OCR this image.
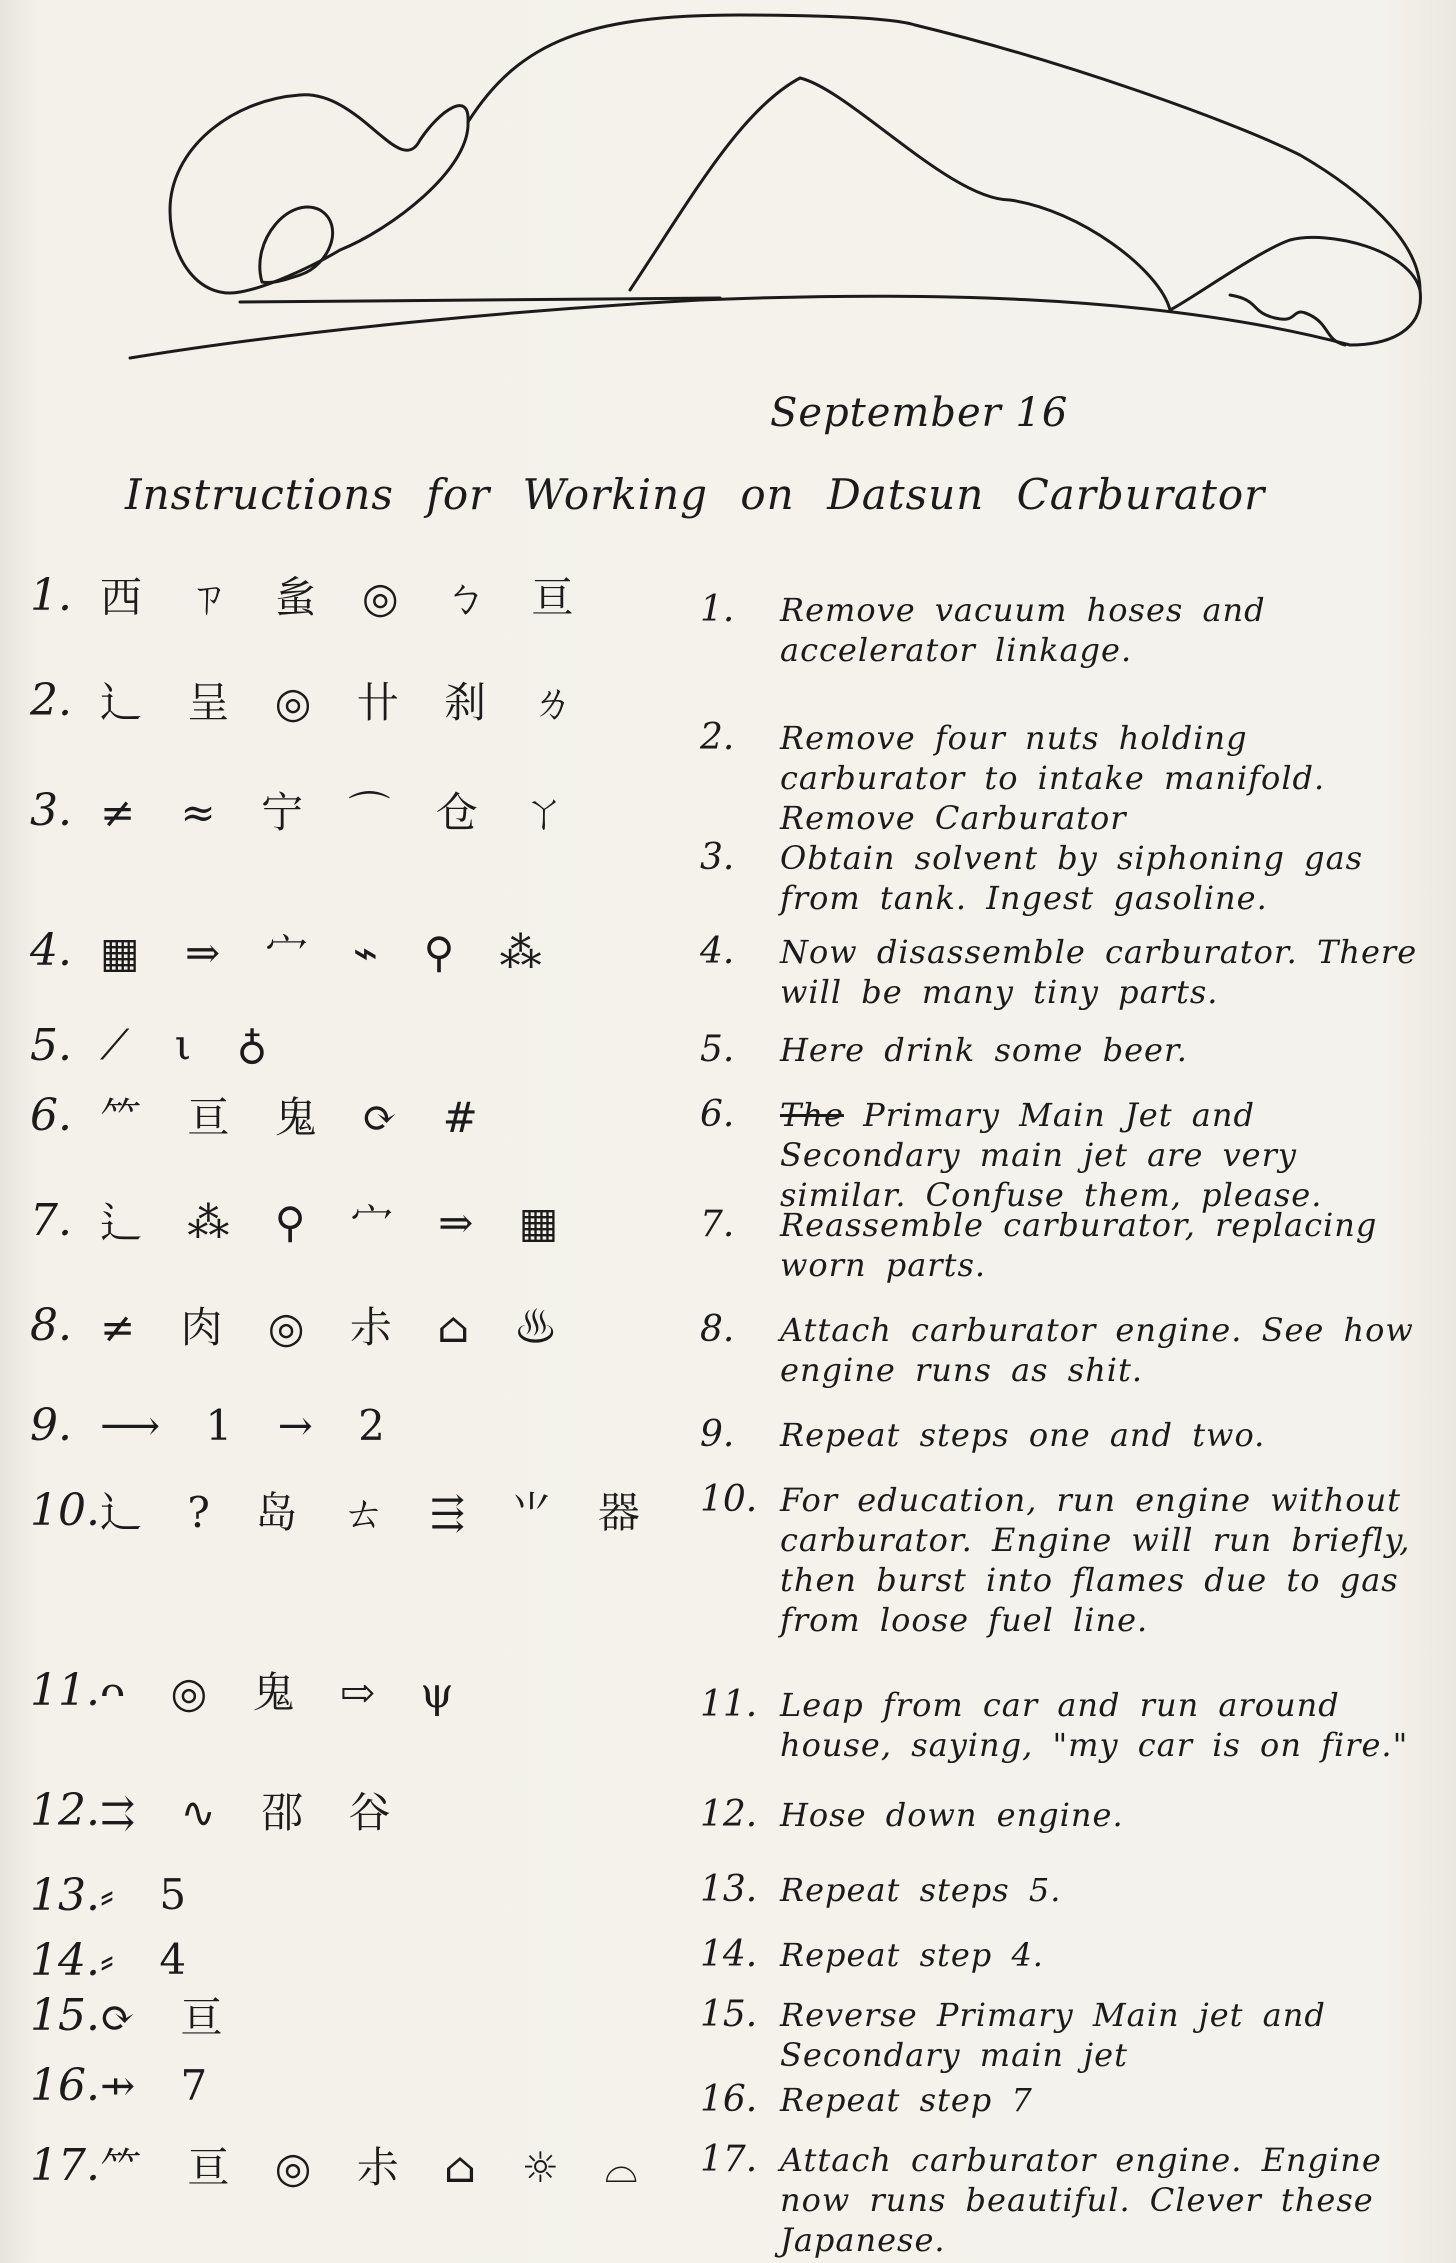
September 16
Instructions for Working on Datsun Carburator
1. 西 ㄗ 蚃 ◎ ㄅ 亘
2. ⻌ 呈 ◎ 卄 刹 ㄌ
3. ≠ ≈ 宁 ⌒ 仓 ㄚ
4. ▦ ⇒ 宀 ⌁ ⚲ ⁂
5. ⟋ ι ♁
6. ⺮ 亘 ⻤ ⟳ #
7. ⻍ ⁂ ⚲ 宀 ⇒ ▦
8. ≠ 肉 ◎ 尗 ⌂ ♨
9. ⟶ 1 → 2
10. ⻌ ? 岛 ㄊ ⇶ ⺌ 器
11. ᴖ ◎ ⻤ ⇨ ψ
12. ⇉ ∿ 邵 ⾕
13. ⸗ 5
14. ⸗ 4
15. ⟳ 亘
16. ⇸ 7
17. ⺮ 亘 ◎ 尗 ⌂ ☼ ⌓
1.	Remove vacuum hoses and accelerator linkage.
2.	Remove four nuts holding carburator to intake manifold. Remove Carburator
3.	Obtain solvent by siphoning gas from tank. Ingest gasoline.
4.	Now disassemble carburator. There will be many tiny parts.
5.	Here drink some beer.
6.	The Primary Main Jet and Secondary main jet are very similar. Confuse them, please.
7.	Reassemble carburator, replacing worn parts.
8.	Attach carburator engine. See how engine runs as shit.
9.	Repeat steps one and two.
10. For education, run engine without carburator. Engine will run briefly, then burst into flames due to gas from loose fuel line.
11. Leap from car and run around house, saying, "my car is on fire."
12. Hose down engine.
13. Repeat steps 5.
14. Repeat step 4.
15. Reverse Primary Main jet and Secondary main jet
16. Repeat step 7
17. Attach carburator engine. Engine now runs beautiful. Clever these Japanese.
